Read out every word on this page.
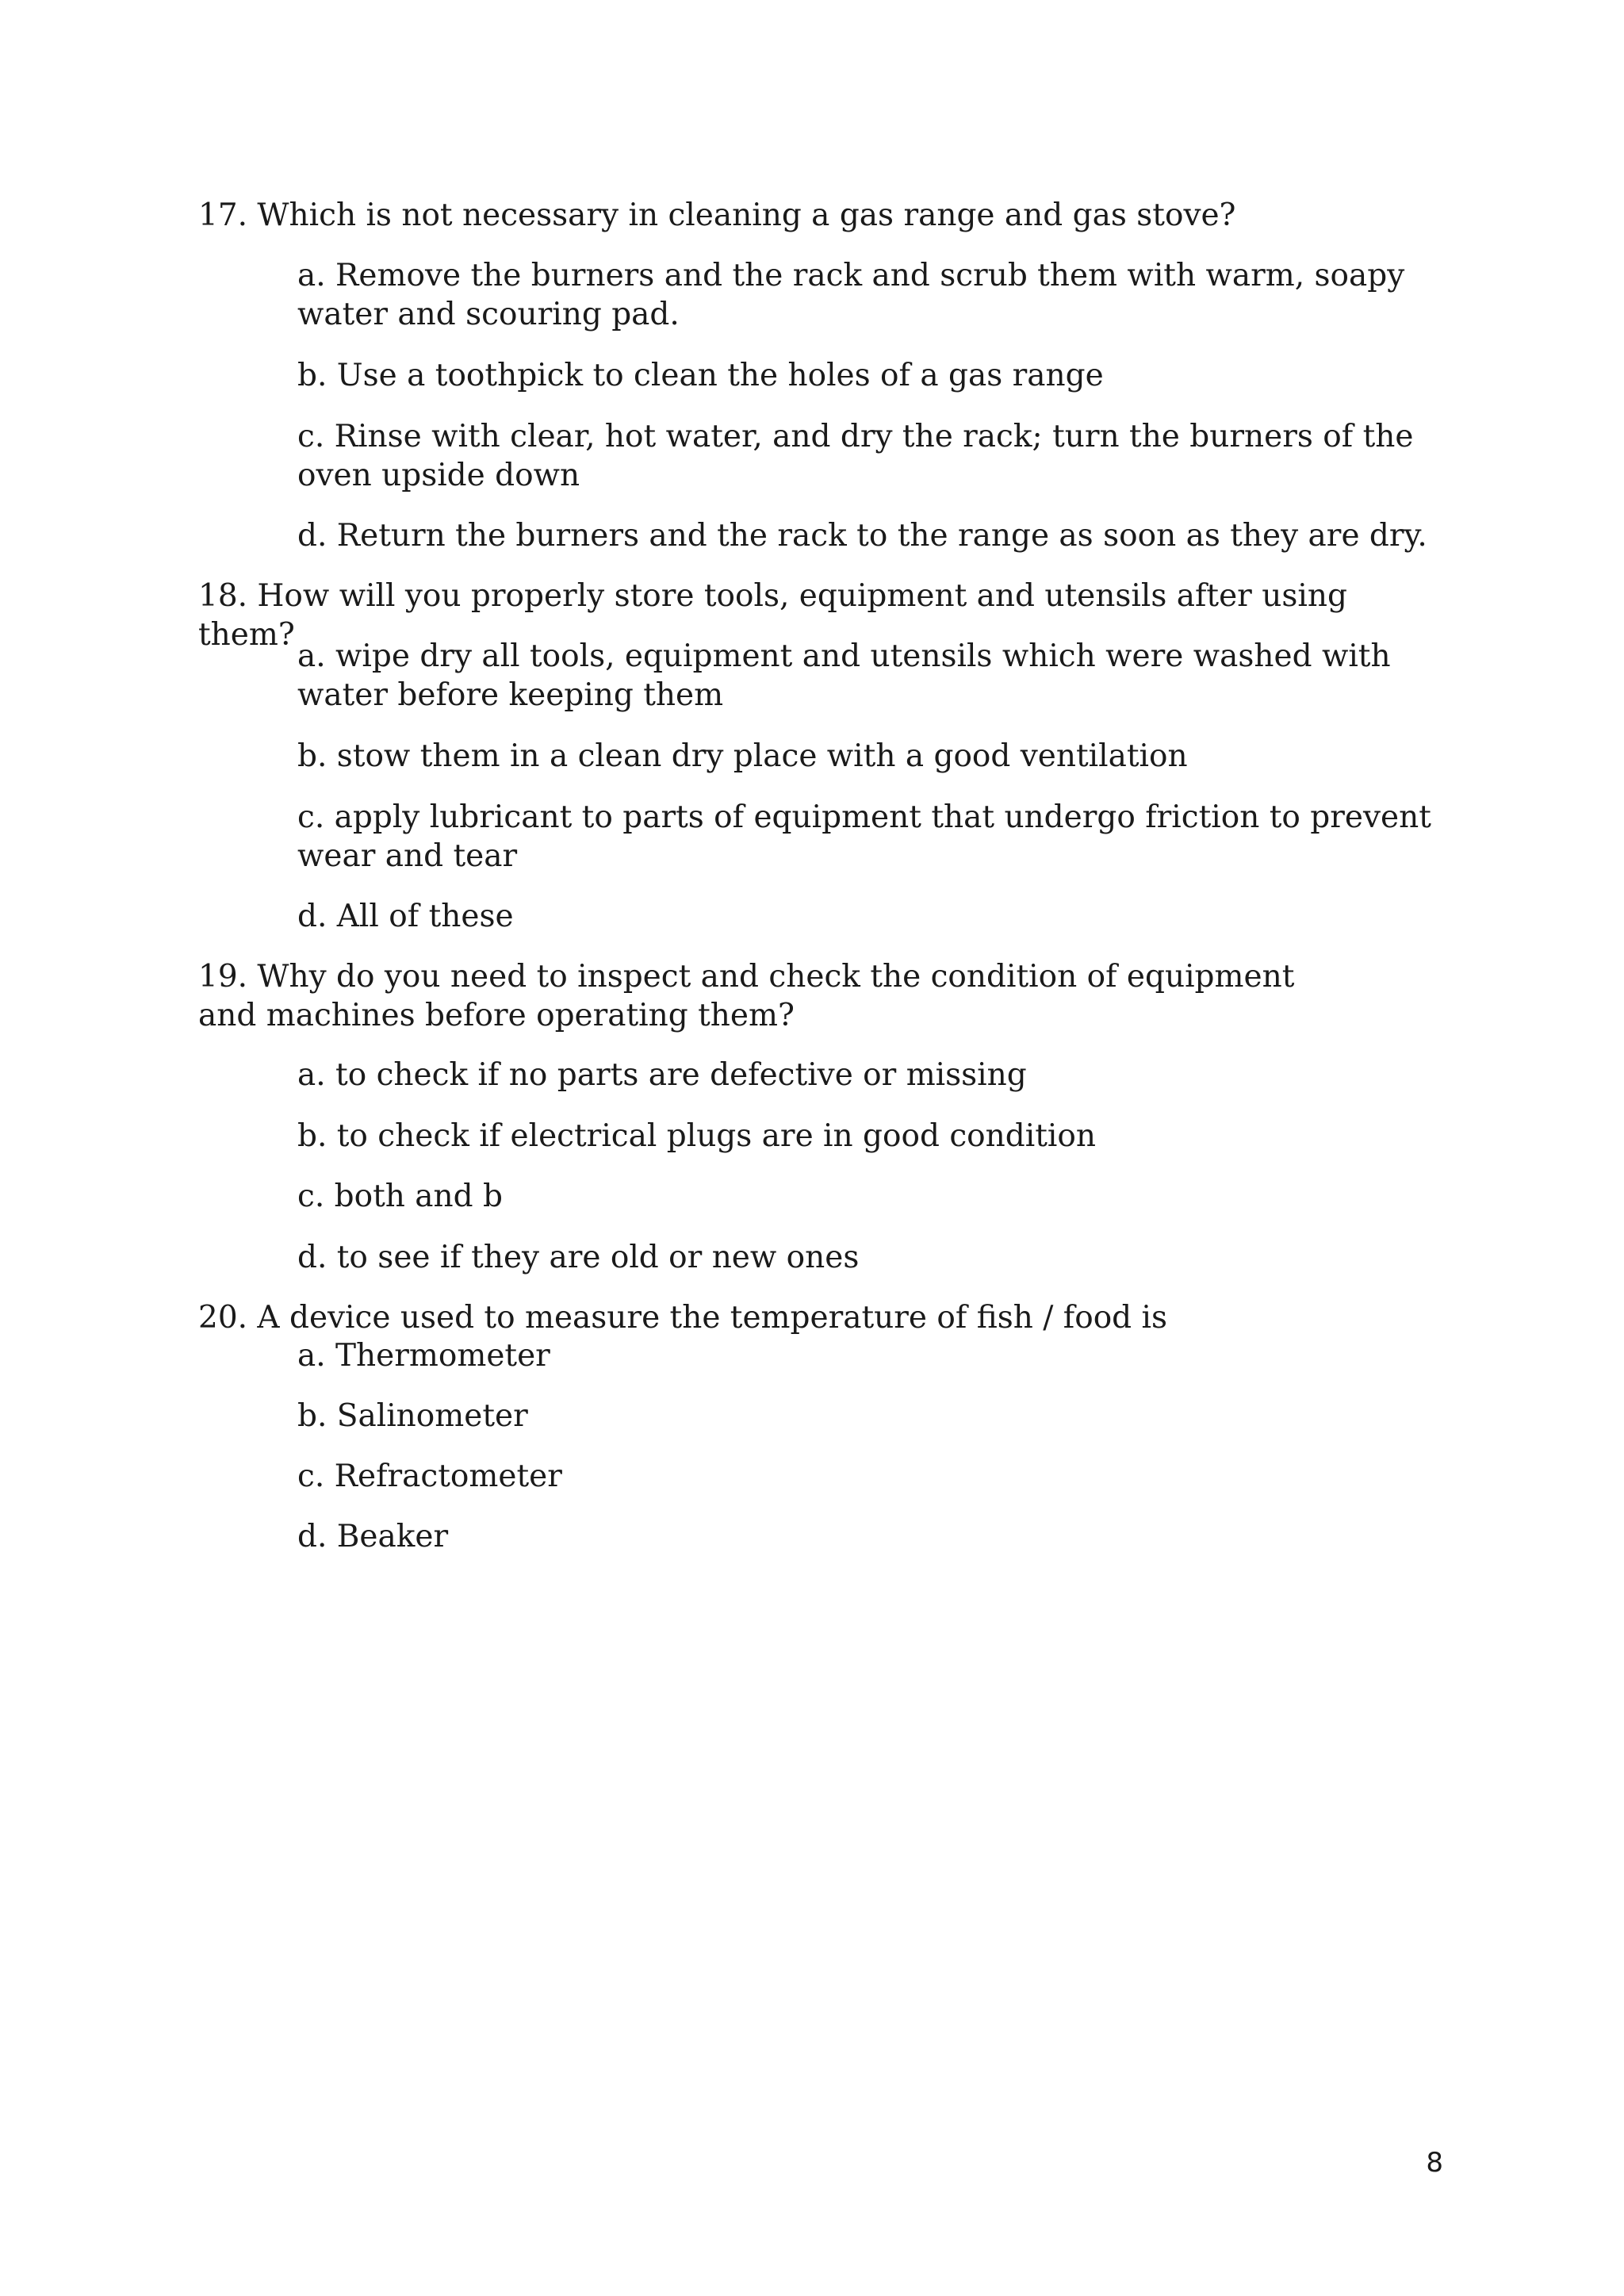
17. Which is not necessary in cleaning a gas range and gas stove?

a. Remove the burners and the rack and scrub them with warm, soapy water and scouring pad.

b. Use a toothpick to clean the holes of a gas range

c. Rinse with clear, hot water, and dry the rack; turn the burners of the oven upside down

d. Return the burners and the rack to the range as soon as they are dry.

18. How will you properly store tools, equipment and utensils after using them?

a. wipe dry all tools, equipment and utensils which were washed with water before keeping them

b. stow them in a clean dry place with a good ventilation

c. apply lubricant to parts of equipment that undergo friction to prevent wear and tear

d. All of these

19. Why do you need to inspect and check the condition of equipment and machines before operating them?

a. to check if no parts are defective or missing

b. to check if electrical plugs are in good condition

c. both and b

d. to see if they are old or new ones

20. A device used to measure the temperature of fish / food is

a. Thermometer

b. Salinometer

c. Refractometer

d. Beaker

8
